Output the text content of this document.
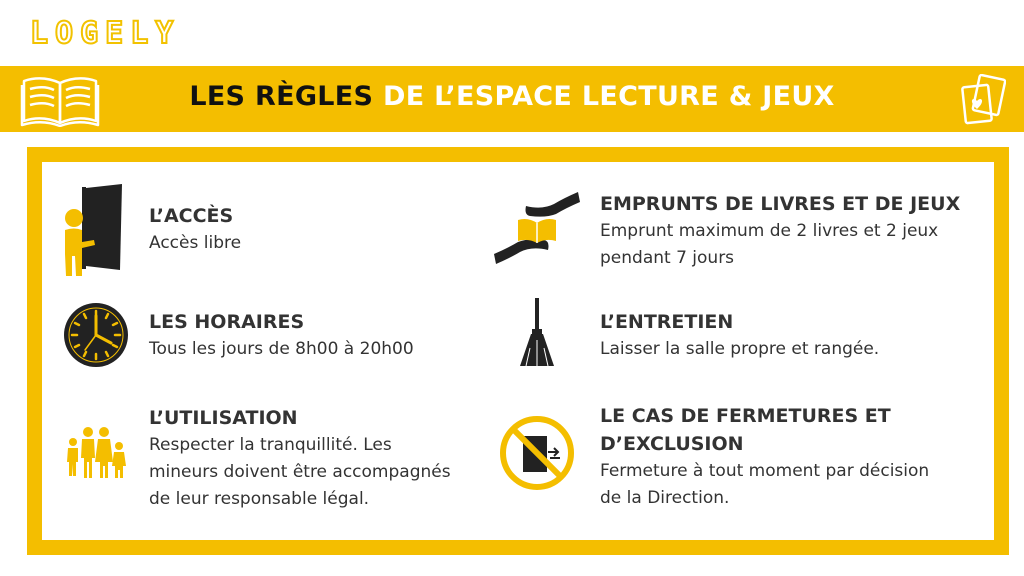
LOGELY
LES RÈGLES DE L’ESPACE LECTURE & JEUX
L’ACCÈS

Accès libre

LES HORAIRES

Tous les jours de 8h00 à 20h00

L’UTILISATION

Respecter la tranquillité. Les

mineurs doivent être accompagnés

de leur responsable légal.

EMPRUNTS DE LIVRES ET DE JEUX

Emprunt maximum de 2 livres et 2 jeux

pendant 7 jours

L’ENTRETIEN

Laisser la salle propre et rangée.

LE CAS DE FERMETURES ET
D’EXCLUSION

Fermeture à tout moment par décision

de la Direction.
